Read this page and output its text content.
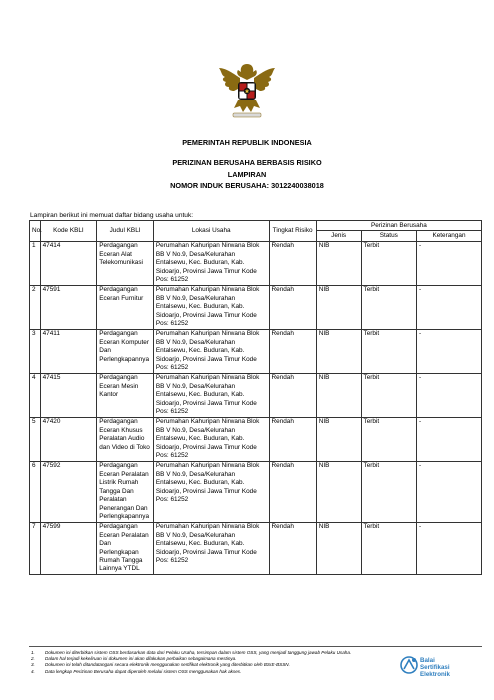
PEMERINTAH REPUBLIK INDONESIA
PERIZINAN BERUSAHA BERBASIS RISIKO
LAMPIRAN
NOMOR INDUK BERUSAHA: 3012240038018
Lampiran berikut ini memuat daftar bidang usaha untuk:
No.	Kode KBLI	Judul KBLI	Lokasi Usaha	Tingkat Risiko	Perizinan Berusaha		
					Jenis	Status	Keterangan
1	47414	Perdagangan Eceran Alat Telekomunikasi	Perumahan Kahuripan Nirwana Blok BB V No.9, Desa/Kelurahan Entalsewu, Kec. Buduran, Kab. Sidoarjo, Provinsi Jawa Timur Kode Pos: 61252	Rendah	NIB	Terbit	-
2	47591	Perdagangan Eceran Furnitur	Perumahan Kahuripan Nirwana Blok BB V No.9, Desa/Kelurahan Entalsewu, Kec. Buduran, Kab. Sidoarjo, Provinsi Jawa Timur Kode Pos: 61252	Rendah	NIB	Terbit	-
3	47411	Perdagangan Eceran Komputer Dan Perlengkapannya	Perumahan Kahuripan Nirwana Blok BB V No.9, Desa/Kelurahan Entalsewu, Kec. Buduran, Kab. Sidoarjo, Provinsi Jawa Timur Kode Pos: 61252	Rendah	NIB	Terbit	-
4	47415	Perdagangan Eceran Mesin Kantor	Perumahan Kahuripan Nirwana Blok BB V No.9, Desa/Kelurahan Entalsewu, Kec. Buduran, Kab. Sidoarjo, Provinsi Jawa Timur Kode Pos: 61252	Rendah	NIB	Terbit	-
5	47420	Perdagangan Eceran Khusus Peralatan Audio dan Video di Toko	Perumahan Kahuripan Nirwana Blok BB V No.9, Desa/Kelurahan Entalsewu, Kec. Buduran, Kab. Sidoarjo, Provinsi Jawa Timur Kode Pos: 61252	Rendah	NIB	Terbit	-
6	47592	Perdagangan Eceran Peralatan Listrik Rumah Tangga Dan Peralatan Penerangan Dan Perlengkapannya	Perumahan Kahuripan Nirwana Blok BB V No.9, Desa/Kelurahan Entalsewu, Kec. Buduran, Kab. Sidoarjo, Provinsi Jawa Timur Kode Pos: 61252	Rendah	NIB	Terbit	-
7	47599	Perdagangan Eceran Peralatan Dan Perlengkapan Rumah Tangga Lainnya YTDL	Perumahan Kahuripan Nirwana Blok BB V No.9, Desa/Kelurahan Entalsewu, Kec. Buduran, Kab. Sidoarjo, Provinsi Jawa Timur Kode Pos: 61252	Rendah	NIB	Terbit	-
1.	Dokumen ini diterbitkan sistem OSS berdasarkan data dari Pelaku Usaha, tersimpan dalam sistem OSS, yang menjadi tanggung jawab Pelaku Usaha.
2.	Dalam hal terjadi kekeliruan isi dokumen ini akan dilakukan perbaikan sebagaimana mestinya.
3.	Dokumen ini telah ditandatangani secara elektronik menggunakan sertifikat elektronik yang diterbitkan oleh BSrE-BSSN.
4.	Data lengkap Perizinan Berusaha dapat diperoleh melalui sistem OSS menggunakan hak akses.
Balai
Sertifikasi
Elektronik
